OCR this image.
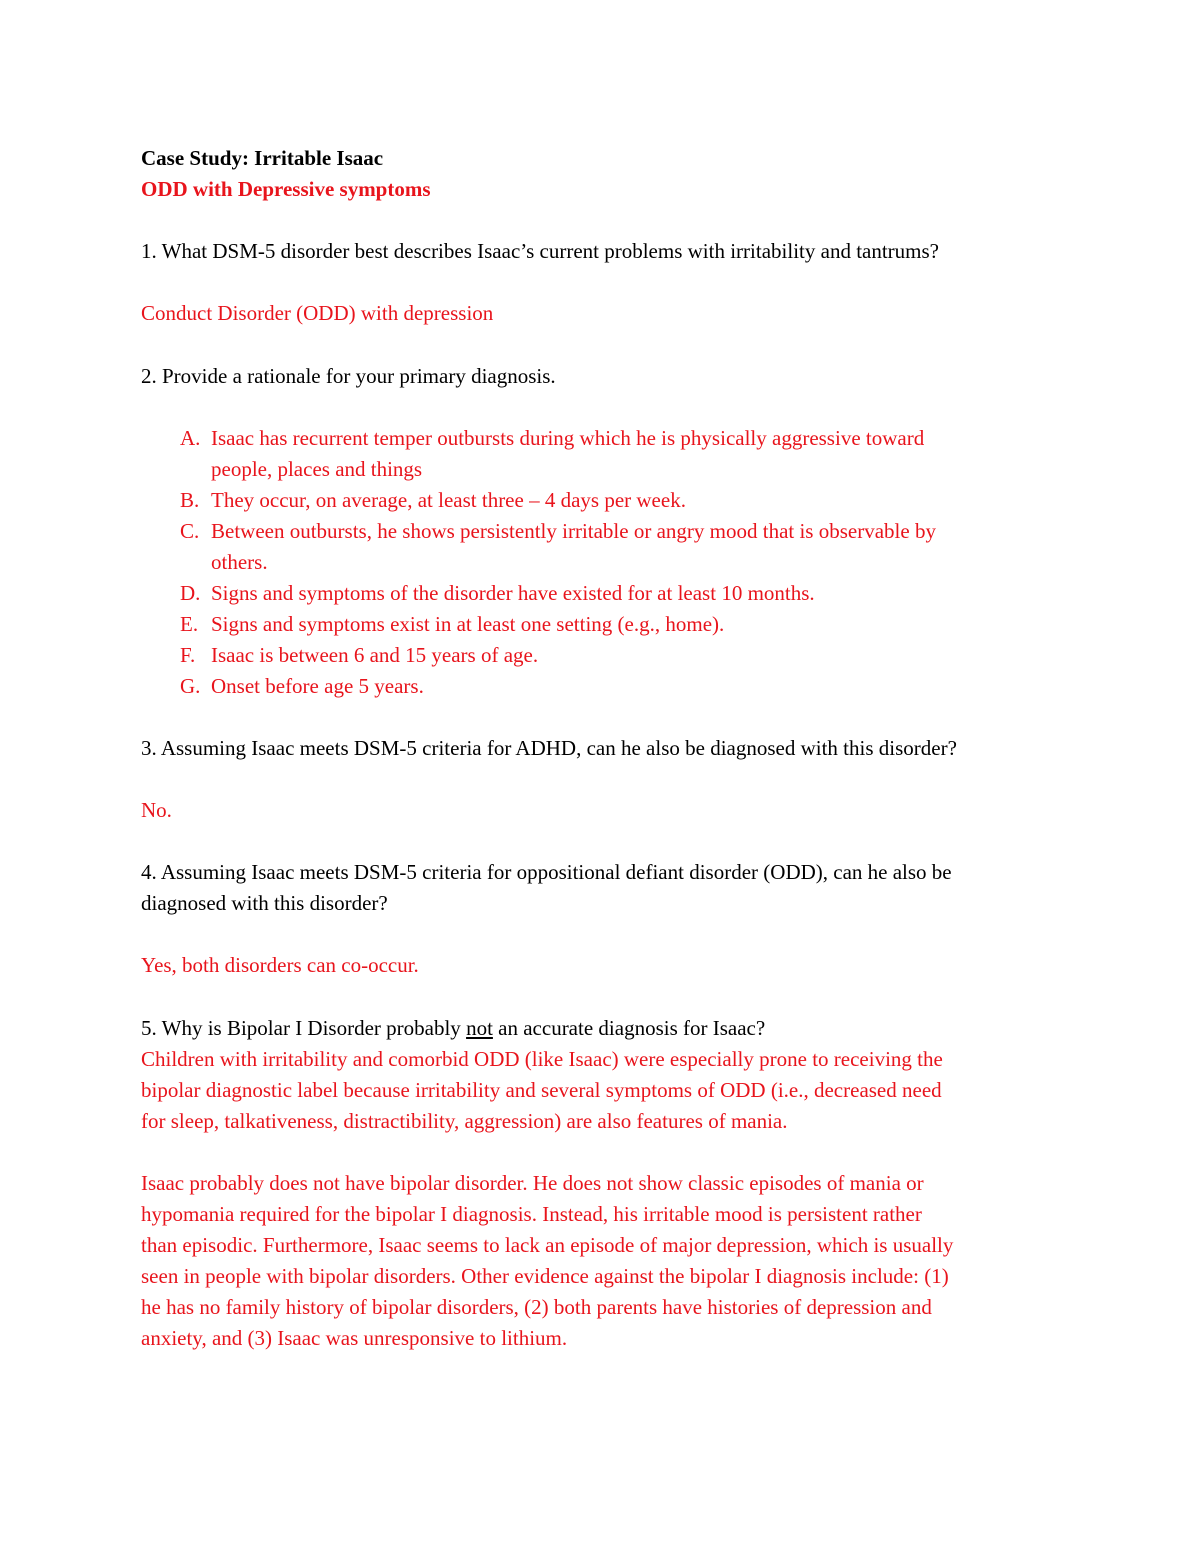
Case Study: Irritable Isaac
ODD with Depressive symptoms
1. What DSM-5 disorder best describes Isaac’s current problems with irritability and tantrums?
Conduct Disorder (ODD) with depression
2. Provide a rationale for your primary diagnosis.
A. Isaac has recurrent temper outbursts during which he is physically aggressive toward
people, places and things
B. They occur, on average, at least three – 4 days per week.
C. Between outbursts, he shows persistently irritable or angry mood that is observable by
others.
D. Signs and symptoms of the disorder have existed for at least 10 months.
E. Signs and symptoms exist in at least one setting (e.g., home).
F. Isaac is between 6 and 15 years of age.
G. Onset before age 5 years.
3. Assuming Isaac meets DSM-5 criteria for ADHD, can he also be diagnosed with this disorder?
No.
4. Assuming Isaac meets DSM-5 criteria for oppositional defiant disorder (ODD), can he also be
diagnosed with this disorder?
Yes, both disorders can co-occur.
5. Why is Bipolar I Disorder probably not an accurate diagnosis for Isaac?
Children with irritability and comorbid ODD (like Isaac) were especially prone to receiving the
bipolar diagnostic label because irritability and several symptoms of ODD (i.e., decreased need
for sleep, talkativeness, distractibility, aggression) are also features of mania.
Isaac probably does not have bipolar disorder. He does not show classic episodes of mania or
hypomania required for the bipolar I diagnosis. Instead, his irritable mood is persistent rather
than episodic. Furthermore, Isaac seems to lack an episode of major depression, which is usually
seen in people with bipolar disorders. Other evidence against the bipolar I diagnosis include: (1)
he has no family history of bipolar disorders, (2) both parents have histories of depression and
anxiety, and (3) Isaac was unresponsive to lithium.
